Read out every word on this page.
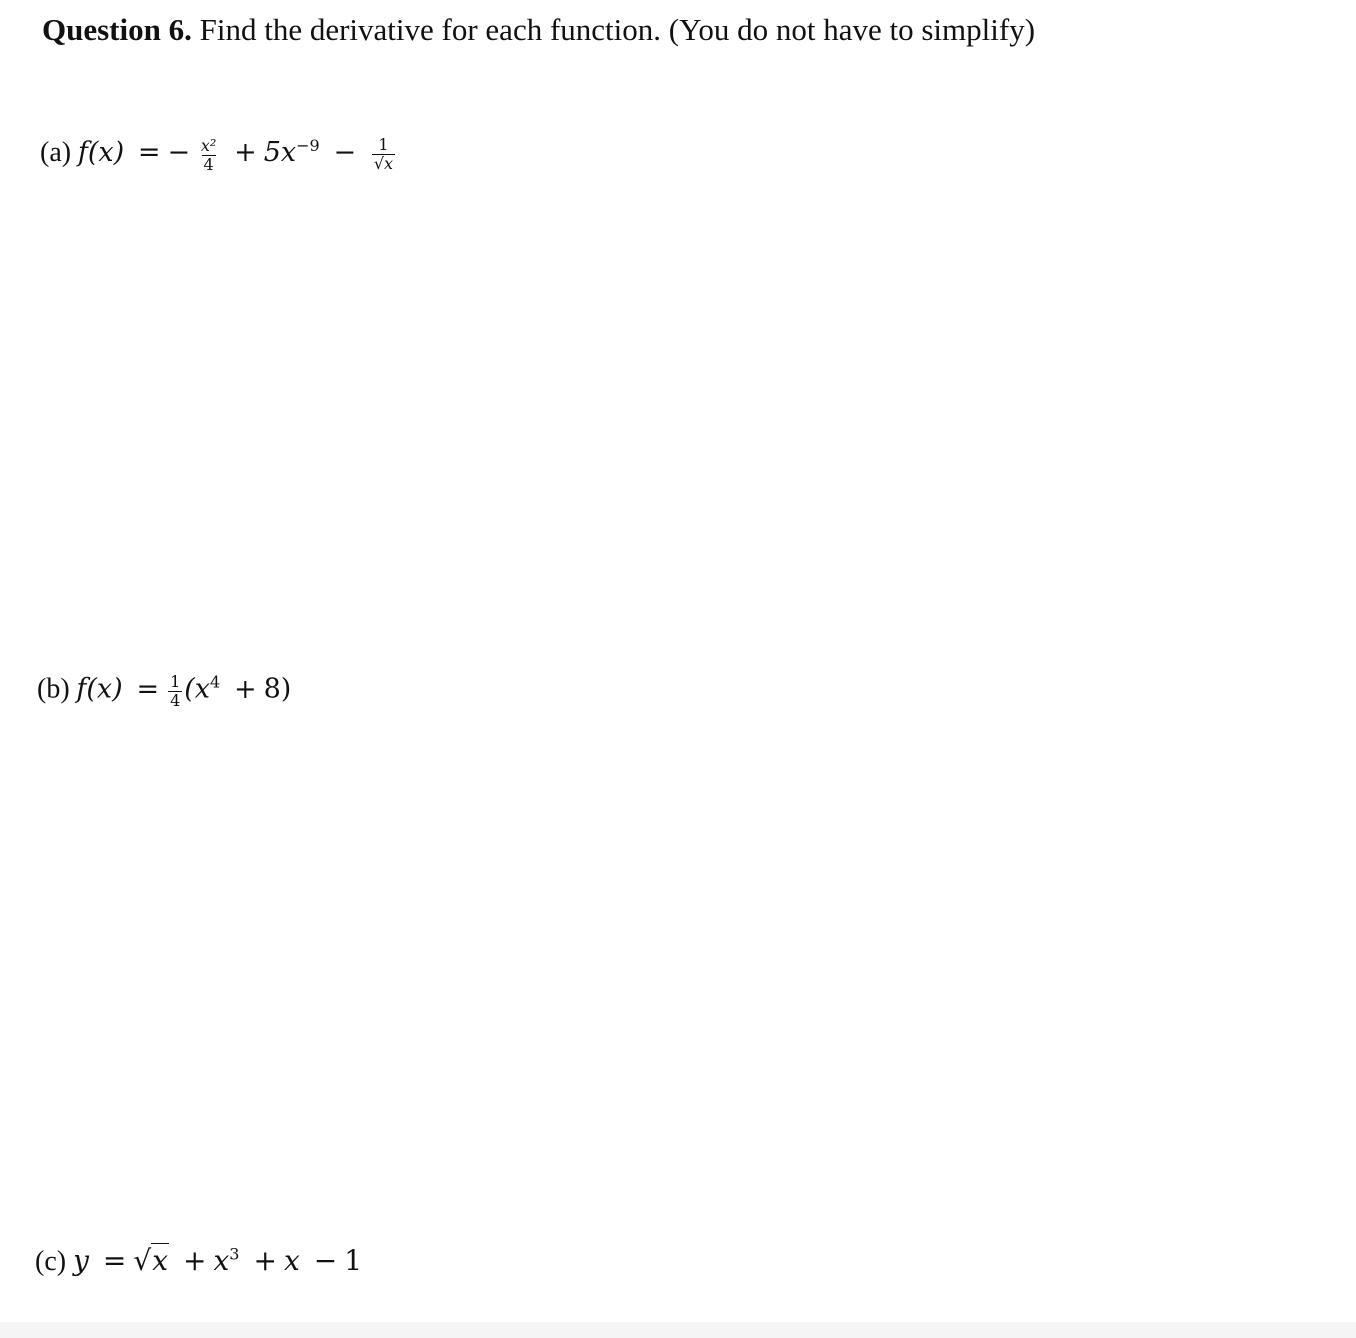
Question 6. Find the derivative for each function. (You do not have to simplify)
(a) f(x) = − $\frac{\text{x²}}{4} + 5x^{-9} - \frac{1}{√x}$
(b) $f(x) = \frac{1}{4} (x^4 + 8)$
(c) $y = √x + x^3 + x - 1$
